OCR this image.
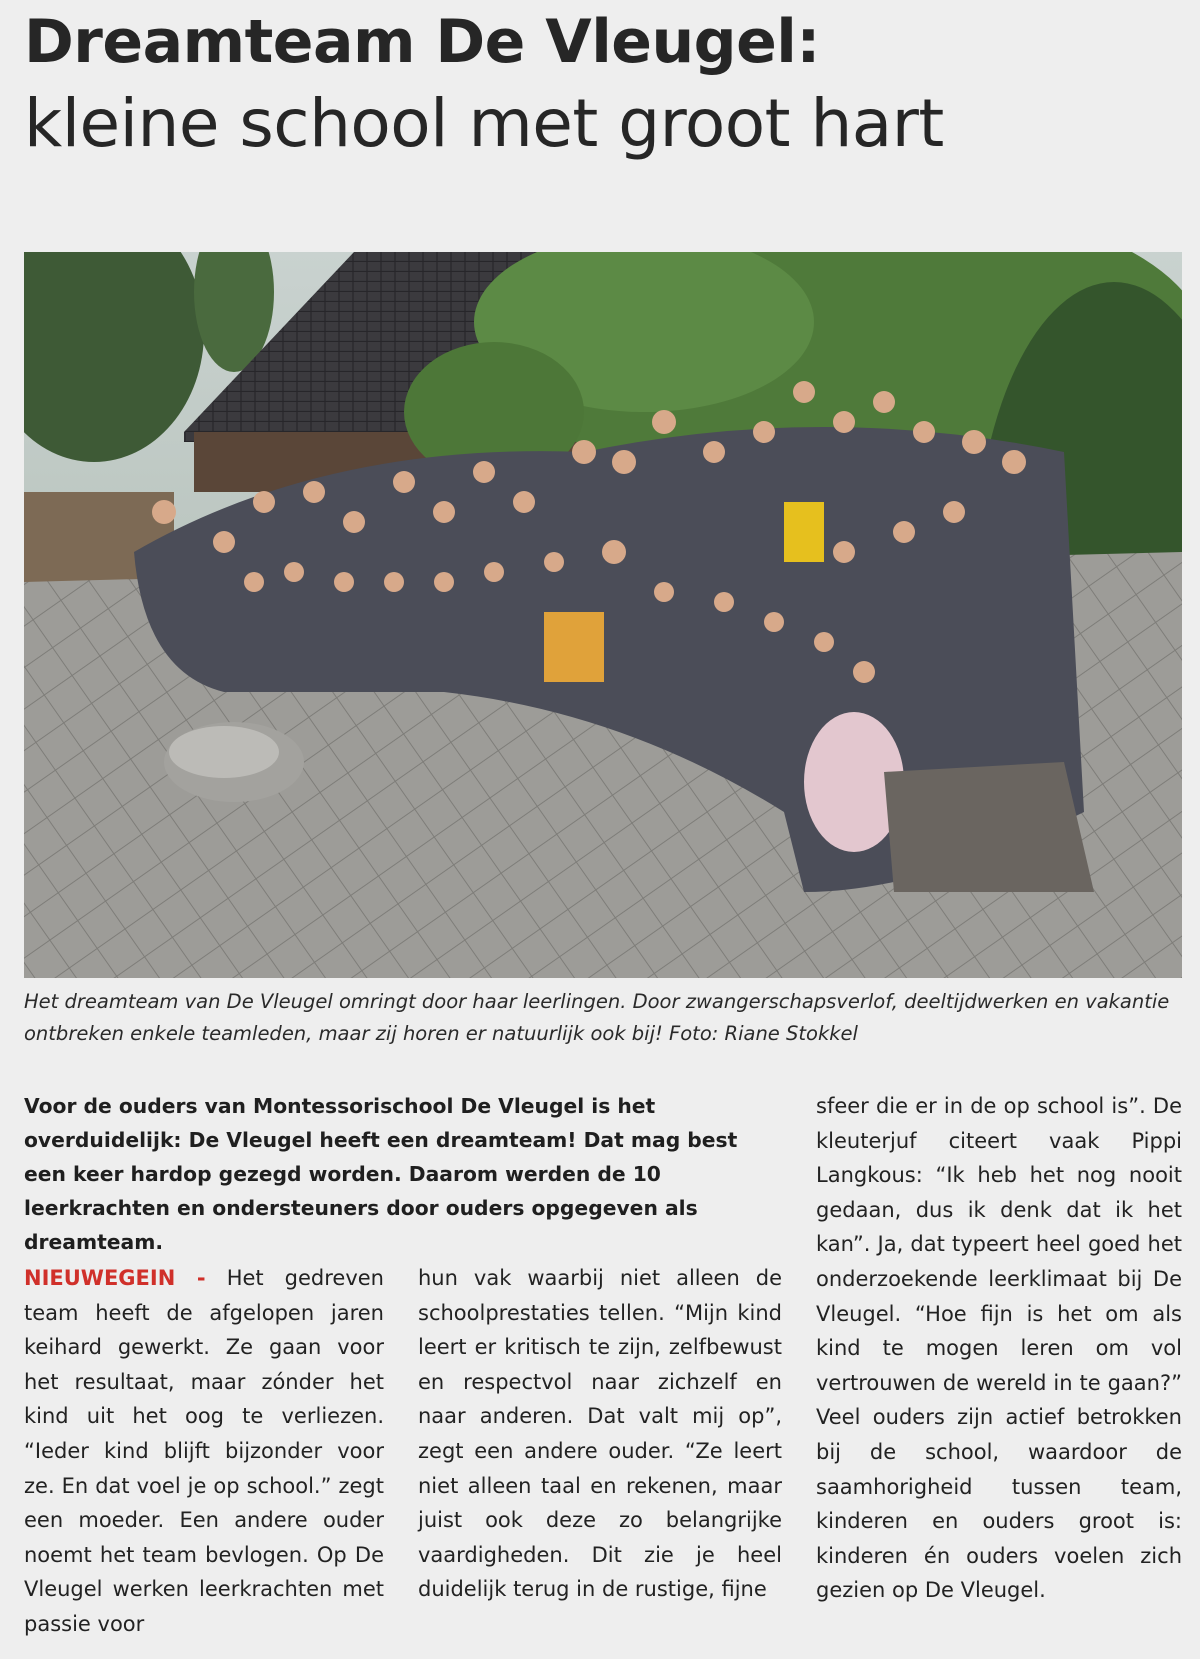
Dreamteam De Vleugel:
kleine school met groot hart

Het dreamteam van De Vleugel omringt door haar leerlingen. Door zwangerschapsverlof, deeltijdwerken en vakantie ontbreken enkele teamleden, maar zij horen er natuurlijk ook bij! Foto: Riane Stokkel

Voor de ouders van Montessorischool De Vleugel is het overduidelijk: De Vleugel heeft een dreamteam! Dat mag best een keer hardop gezegd worden. Daarom werden de 10 leerkrachten en ondersteuners door ouders opgegeven als dreamteam.

NIEUWEGEIN - Het gedreven team heeft de afgelopen jaren keihard gewerkt. Ze gaan voor het resultaat, maar zónder het kind uit het oog te verliezen. “Ieder kind blijft bijzonder voor ze. En dat voel je op school.” zegt een moeder. Een andere ouder noemt het team bevlogen. Op De Vleugel werken leerkrachten met passie voor

hun vak waarbij niet alleen de schoolprestaties tellen. “Mijn kind leert er kritisch te zijn, zelfbewust en respectvol naar zichzelf en naar anderen. Dat valt mij op”, zegt een andere ouder. “Ze leert niet alleen taal en rekenen, maar juist ook deze zo belangrijke vaardigheden. Dit zie je heel duidelijk terug in de rustige, fijne

sfeer die er in de op school is”. De kleuterjuf citeert vaak Pippi Langkous: “Ik heb het nog nooit gedaan, dus ik denk dat ik het kan”. Ja, dat typeert heel goed het onderzoekende leerklimaat bij De Vleugel. “Hoe fijn is het om als kind te mogen leren om vol vertrouwen de wereld in te gaan?” Veel ouders zijn actief betrokken bij de school, waardoor de saamhorigheid tussen team, kinderen en ouders groot is: kinderen én ouders voelen zich gezien op De Vleugel.
